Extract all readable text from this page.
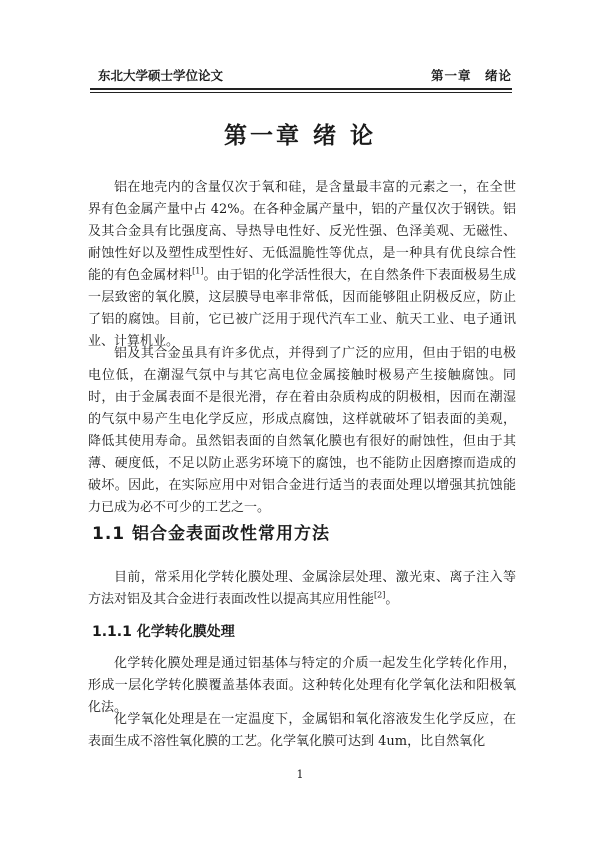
东北大学硕士学位论文	第一章　绪论
第一章 绪 论

铝在地壳内的含量仅次于氧和硅，是含量最丰富的元素之一，在全世界有色金属产量中占 42%。在各种金属产量中，铝的产量仅次于钢铁。铝及其合金具有比强度高、导热导电性好、反光性强、色泽美观、无磁性、耐蚀性好以及塑性成型性好、无低温脆性等优点，是一种具有优良综合性能的有色金属材料[1]。由于铝的化学活性很大，在自然条件下表面极易生成一层致密的氧化膜，这层膜导电率非常低，因而能够阻止阴极反应，防止了铝的腐蚀。目前，它已被广泛用于现代汽车工业、航天工业、电子通讯业、计算机业。

铝及其合金虽具有许多优点，并得到了广泛的应用，但由于铝的电极电位低，在潮湿气氛中与其它高电位金属接触时极易产生接触腐蚀。同时，由于金属表面不是很光滑，存在着由杂质构成的阴极相，因而在潮湿的气氛中易产生电化学反应，形成点腐蚀，这样就破坏了铝表面的美观，降低其使用寿命。虽然铝表面的自然氧化膜也有很好的耐蚀性，但由于其薄、硬度低，不足以防止恶劣环境下的腐蚀，也不能防止因磨擦而造成的破坏。因此，在实际应用中对铝合金进行适当的表面处理以增强其抗蚀能力已成为必不可少的工艺之一。

1.1 铝合金表面改性常用方法

目前，常采用化学转化膜处理、金属涂层处理、激光束、离子注入等方法对铝及其合金进行表面改性以提高其应用性能[2]。

1.1.1 化学转化膜处理

化学转化膜处理是通过铝基体与特定的介质一起发生化学转化作用，形成一层化学转化膜覆盖基体表面。这种转化处理有化学氧化法和阳极氧化法。

化学氧化处理是在一定温度下，金属铝和氧化溶液发生化学反应，在表面生成不溶性氧化膜的工艺。化学氧化膜可达到 4um，比自然氧化

1
